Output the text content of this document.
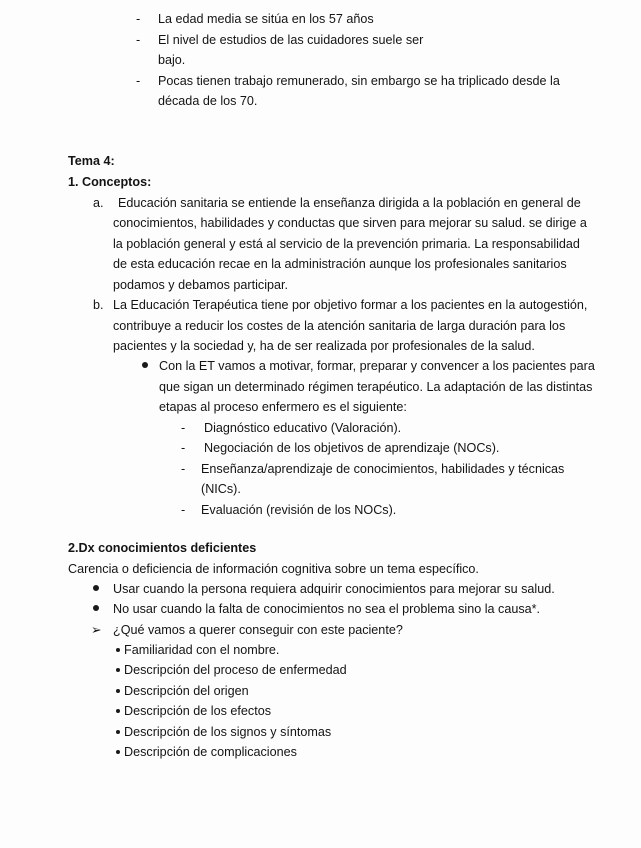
- La edad media se sitúa en los 57 años
- El nivel de estudios de las cuidadores suele ser
bajo.
- Pocas tienen trabajo remunerado, sin embargo se ha triplicado desde la
década de los 70.
Tema 4:
1. Conceptos:
a. Educación sanitaria se entiende la enseñanza dirigida a la población en general de
conocimientos, habilidades y conductas que sirven para mejorar su salud. se dirige a
la población general y está al servicio de la prevención primaria. La responsabilidad
de esta educación recae en la administración aunque los profesionales sanitarios
podamos y debamos participar.
b. La Educación Terapéutica tiene por objetivo formar a los pacientes en la autogestión,
contribuye a reducir los costes de la atención sanitaria de larga duración para los
pacientes y la sociedad y, ha de ser realizada por profesionales de la salud.
Con la ET vamos a motivar, formar, preparar y convencer a los pacientes para
que sigan un determinado régimen terapéutico. La adaptación de las distintas
etapas al proceso enfermero es el siguiente:
- Diagnóstico educativo (Valoración).
- Negociación de los objetivos de aprendizaje (NOCs).
- Enseñanza/aprendizaje de conocimientos, habilidades y técnicas
(NICs).
- Evaluación (revisión de los NOCs).
2.Dx conocimientos deficientes
Carencia o deficiencia de información cognitiva sobre un tema específico.
Usar cuando la persona requiera adquirir conocimientos para mejorar su salud.
No usar cuando la falta de conocimientos no sea el problema sino la causa*.
➢ ¿Qué vamos a querer conseguir con este paciente?
Familiaridad con el nombre.
Descripción del proceso de enfermedad
Descripción del origen
Descripción de los efectos
Descripción de los signos y síntomas
Descripción de complicaciones
